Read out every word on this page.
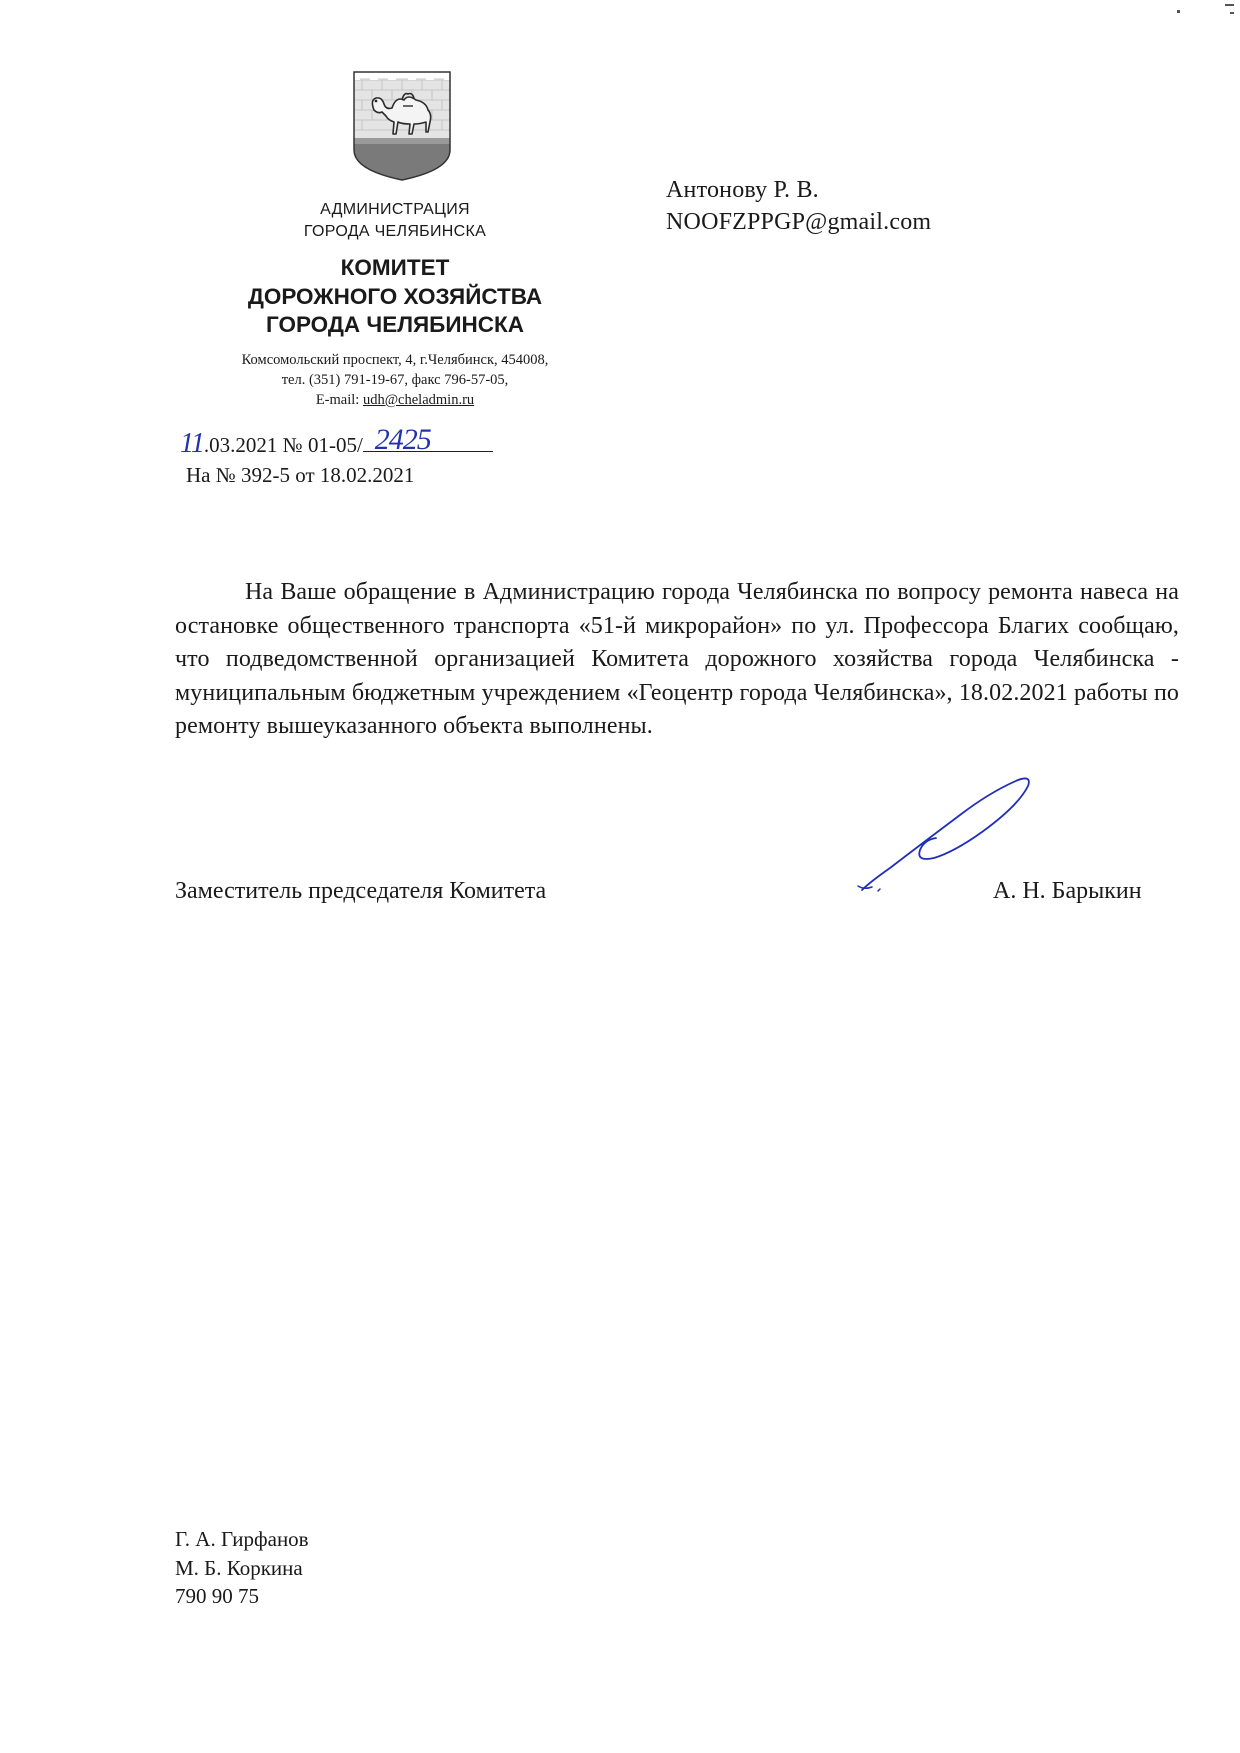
АДМИНИСТРАЦИЯ
ГОРОДА ЧЕЛЯБИНСКА
КОМИТЕТ
ДОРОЖНОГО ХОЗЯЙСТВА
ГОРОДА ЧЕЛЯБИНСКА
Комсомольский проспект, 4, г.Челябинск, 454008,
тел. (351) 791-19-67, факс 796-57-05,
E-mail: udh@cheladmin.ru
Антонову Р. В.
NOOFZPPGP@gmail.com
11.03.2021 № 01-05/ 2425
На № 392-5 от 18.02.2021

На Ваше обращение в Администрацию города Челябинска по вопросу ремонта навеса на остановке общественного транспорта «51-й микрорайон» по ул. Профессора Благих сообщаю, что подведомственной организацией Комитета дорожного хозяйства города Челябинска - муниципальным бюджетным учреждением «Геоцентр города Челябинска», 18.02.2021 работы по ремонту вышеуказанного объекта выполнены.

Заместитель председателя Комитета	А. Н. Барыкин
Г. А. Гирфанов
М. Б. Коркина
790 90 75
